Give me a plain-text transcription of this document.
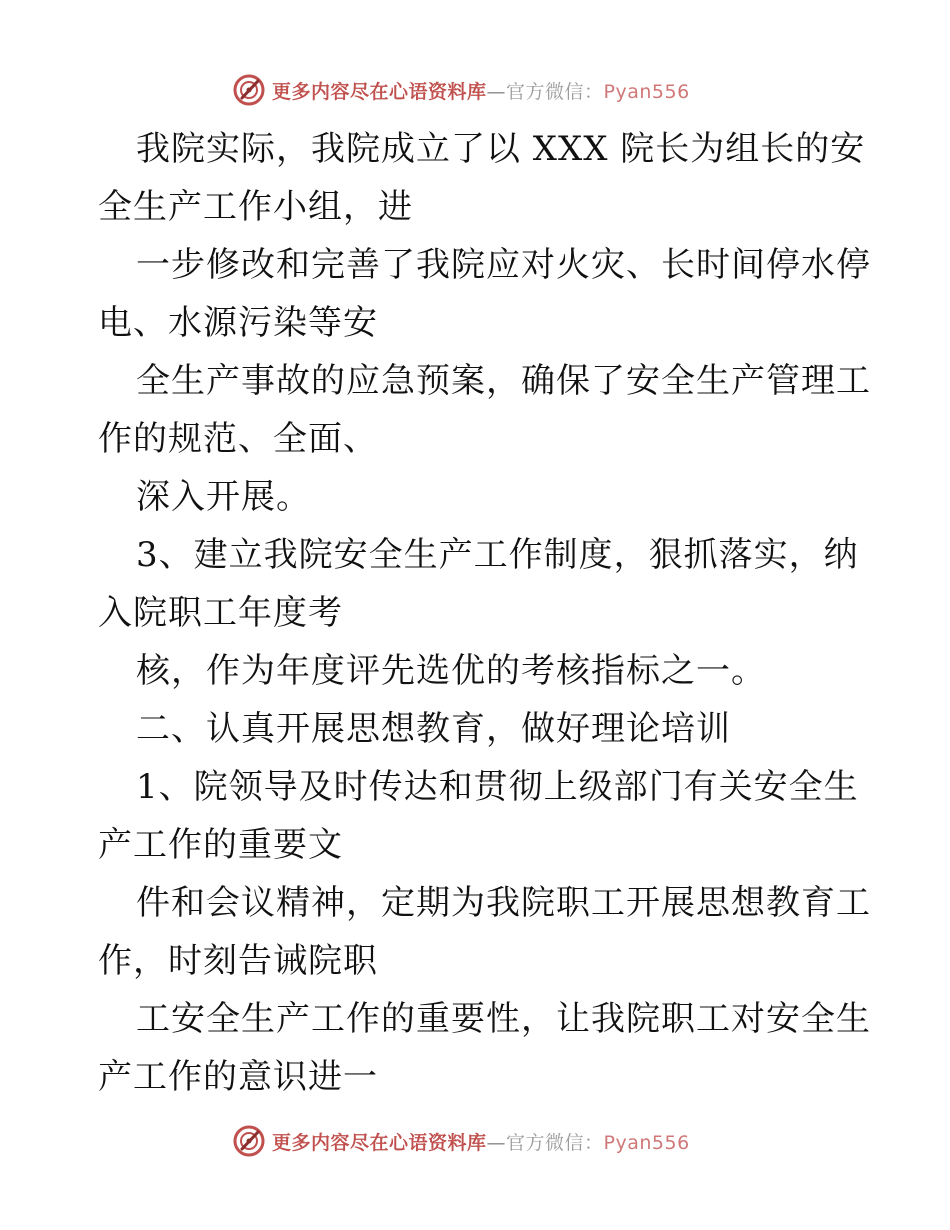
更多内容尽在心语资料库—官方微信：Pyan556
我院实际，我院成立了以 XXX 院长为组长的安
全生产工作小组，进
一步修改和完善了我院应对火灾、长时间停水停
电、水源污染等安
全生产事故的应急预案，确保了安全生产管理工
作的规范、全面、
深入开展。
3、建立我院安全生产工作制度，狠抓落实，纳
入院职工年度考
核，作为年度评先选优的考核指标之一。
二、认真开展思想教育，做好理论培训
1、院领导及时传达和贯彻上级部门有关安全生
产工作的重要文
件和会议精神，定期为我院职工开展思想教育工
作，时刻告诫院职
工安全生产工作的重要性，让我院职工对安全生
产工作的意识进一
更多内容尽在心语资料库—官方微信：Pyan556
